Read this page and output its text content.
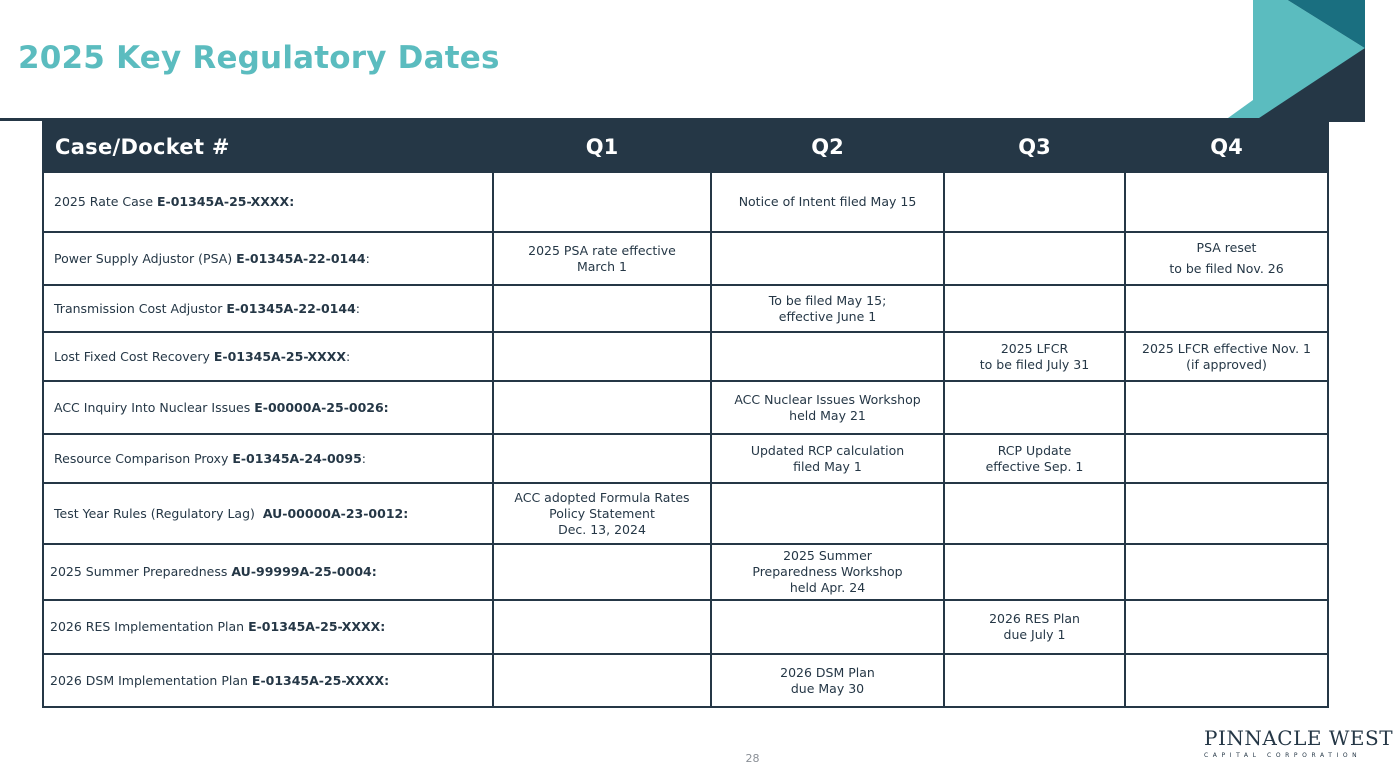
2025 Key Regulatory Dates
Case/Docket #	Q1	Q2	Q3	Q4
2025 Rate Case E-01345A-25-XXXX:		Notice of Intent filed May 15		

Power Supply Adjustor (PSA) E-01345A-22-0144:	2025 PSA rate effective
March 1			PSA reset
to be filed Nov. 26

Transmission Cost Adjustor E-01345A-22-0144:		To be filed May 15;
effective June 1		

Lost Fixed Cost Recovery E-01345A-25-XXXX:			2025 LFCR
to be filed July 31	2025 LFCR effective Nov. 1
(if approved)

ACC Inquiry Into Nuclear Issues E-00000A-25-0026:		ACC Nuclear Issues Workshop
held May 21		

Resource Comparison Proxy E-01345A-24-0095:		Updated RCP calculation
filed May 1	RCP Update
effective Sep. 1	

Test Year Rules (Regulatory Lag)  AU-00000A-23-0012:	ACC adopted Formula Rates
Policy Statement
Dec. 13, 2024			

2025 Summer Preparedness AU-99999A-25-0004:		2025 Summer
Preparedness Workshop
held Apr. 24		

2026 RES Implementation Plan E-01345A-25-XXXX:			2026 RES Plan
due July 1	

2026 DSM Implementation Plan E-01345A-25-XXXX:		2026 DSM Plan
due May 30		

28
PINNACLE WEST
CAPITAL CORPORATION
